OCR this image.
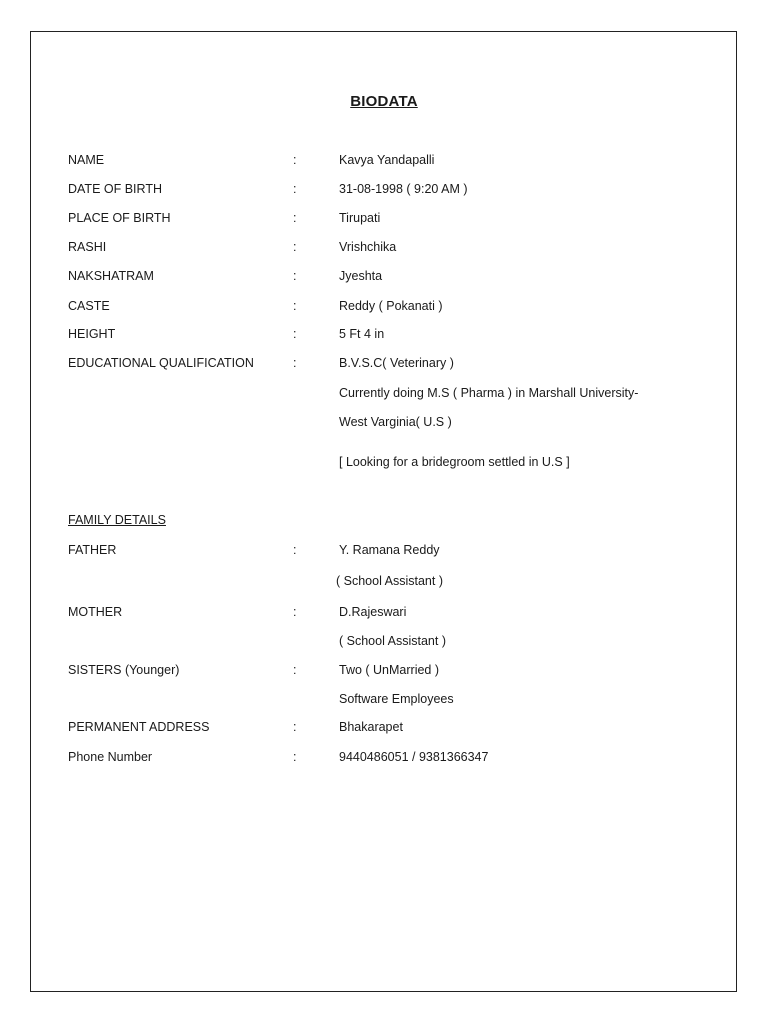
BIODATA
NAME	:	Kavya Yandapalli
DATE OF BIRTH	:	31-08-1998 ( 9:20 AM )
PLACE OF BIRTH	:	Tirupati
RASHI	:	Vrishchika
NAKSHATRAM	:	Jyeshta
CASTE	:	Reddy ( Pokanati )
HEIGHT	:	5 Ft 4 in
EDUCATIONAL QUALIFICATION	:	B.V.S.C( Veterinary )
Currently doing M.S ( Pharma ) in Marshall University-
West Varginia( U.S )
[ Looking for a bridegroom settled in U.S ]
FAMILY DETAILS
FATHER	:	Y. Ramana Reddy
( School Assistant )
MOTHER	:	D.Rajeswari
( School Assistant )
SISTERS (Younger)	:	Two ( UnMarried )
Software Employees
PERMANENT ADDRESS	:	Bhakarapet
Phone Number	:	9440486051 / 9381366347
